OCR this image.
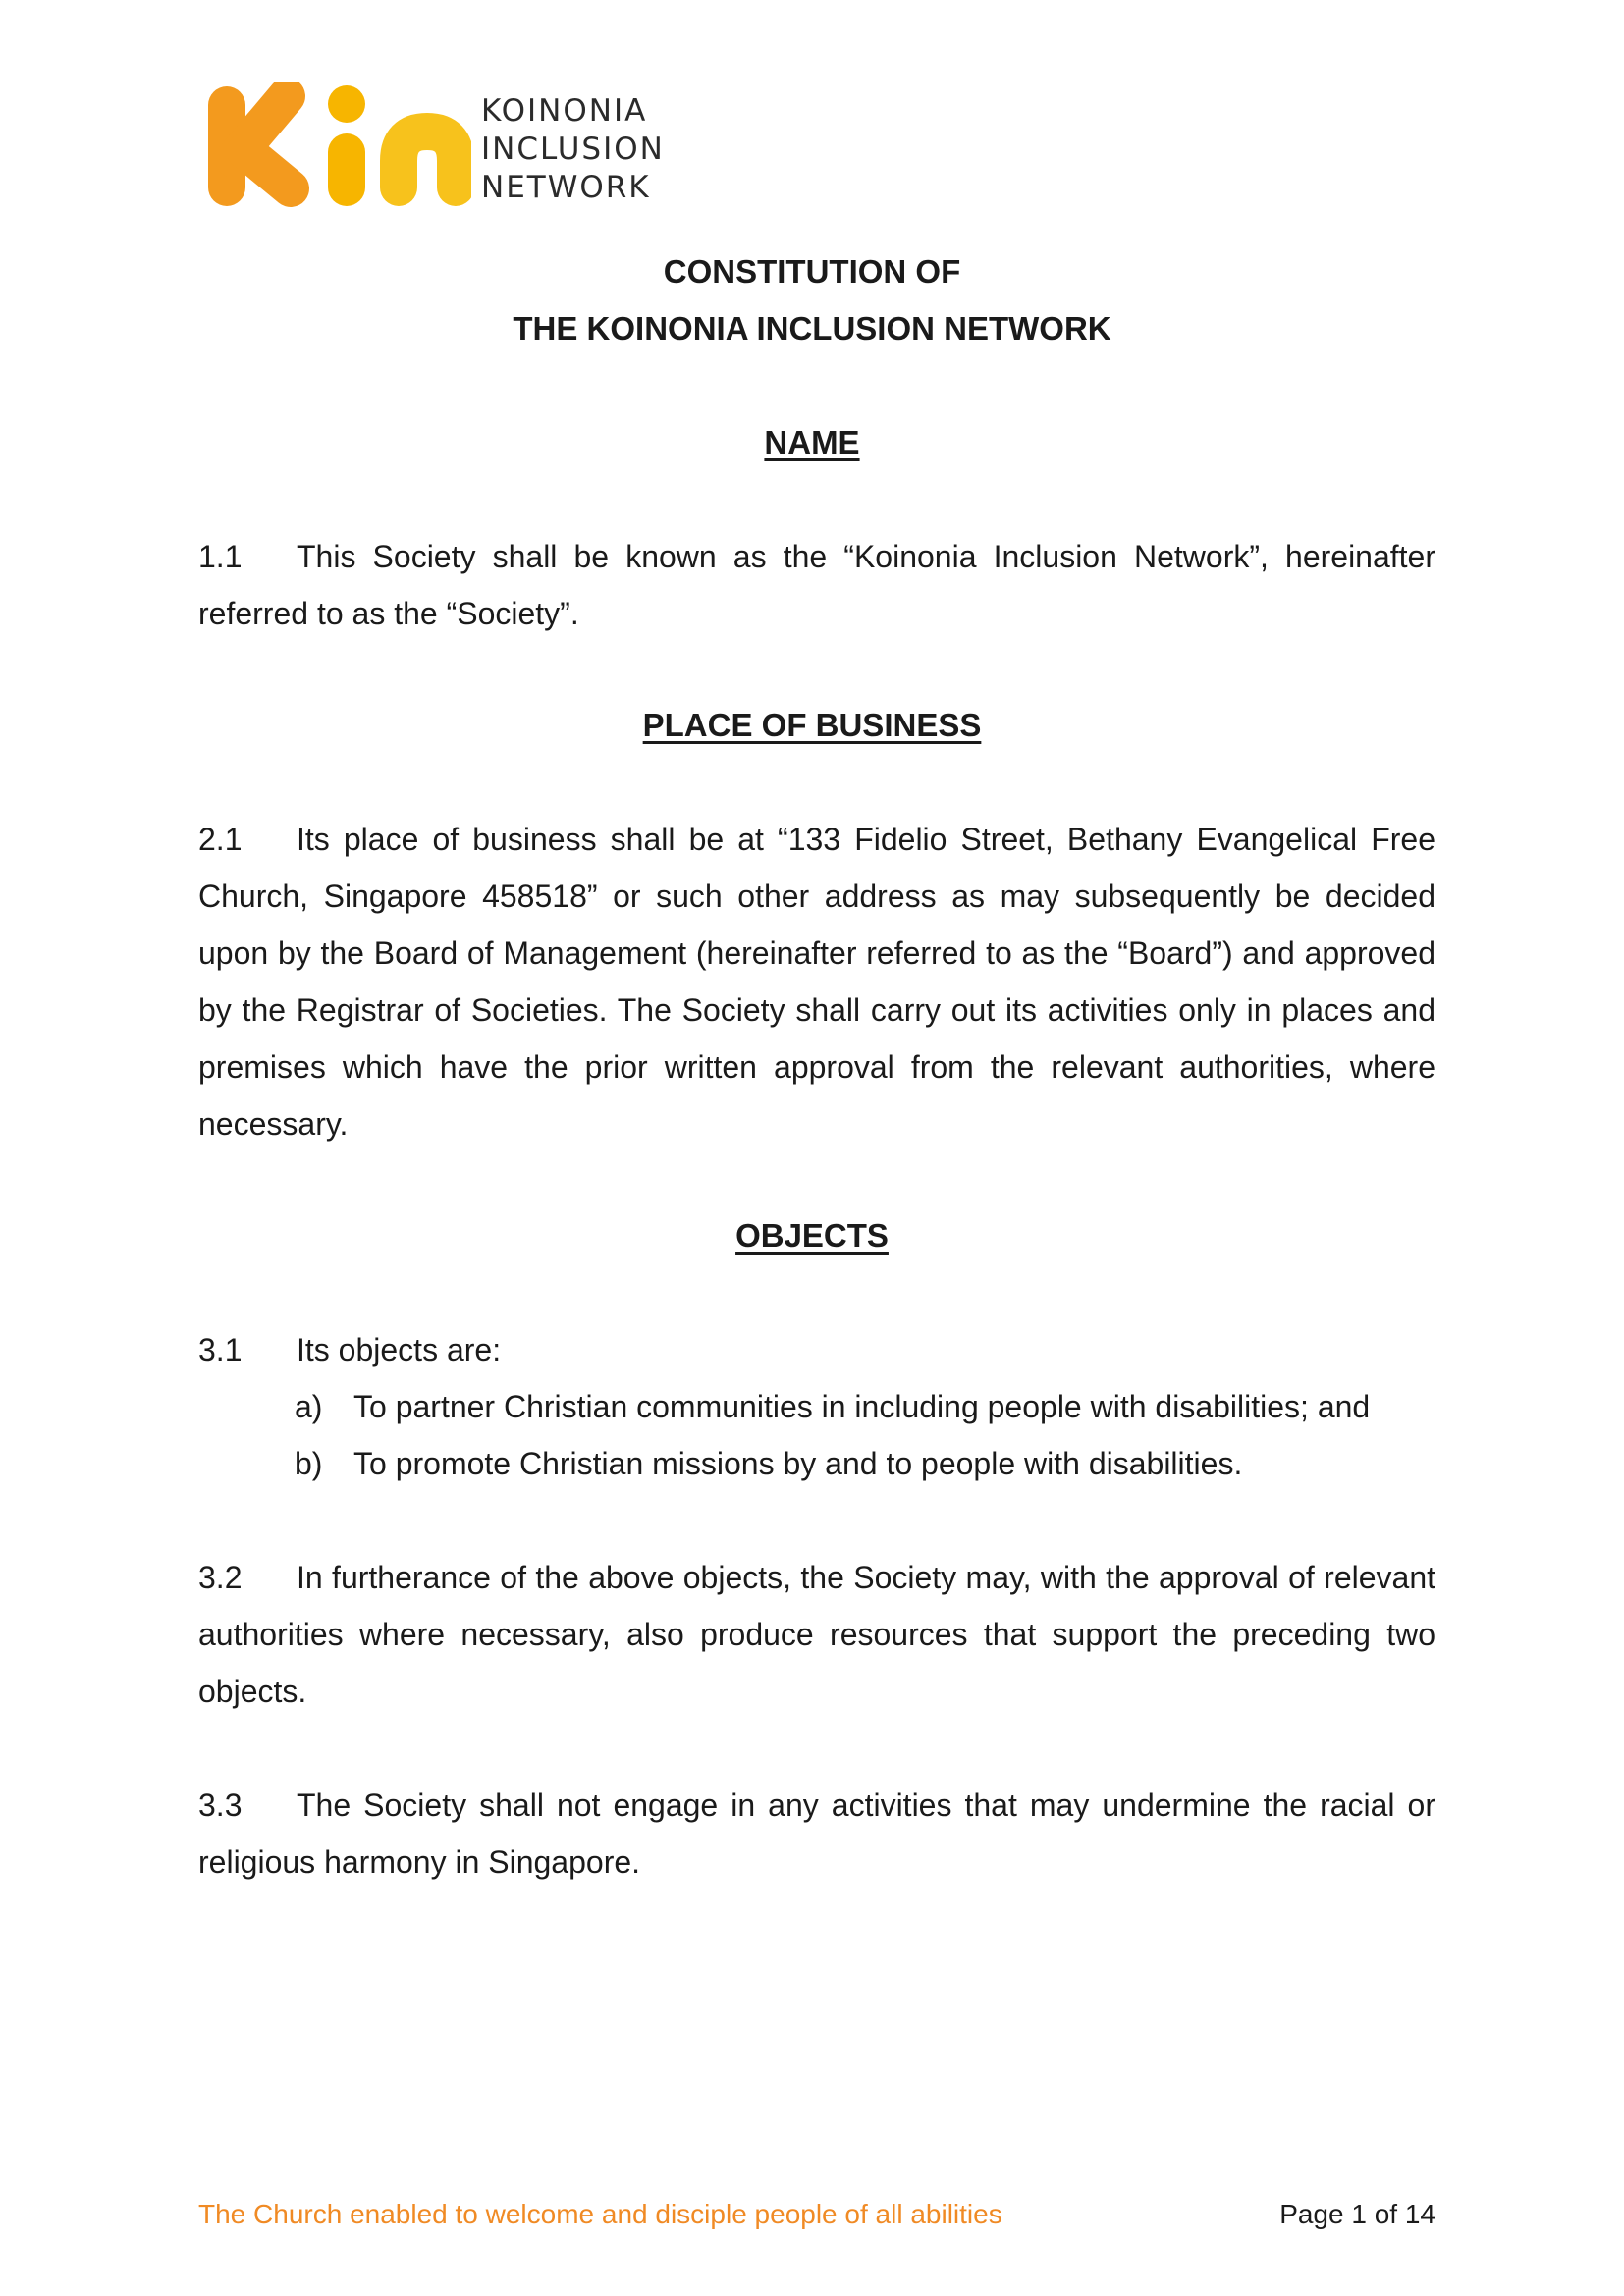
KOINONIA
INCLUSION
NETWORK
CONSTITUTION OF
THE KOINONIA INCLUSION NETWORK
NAME
1.1 This Society shall be known as the “Koinonia Inclusion Network”, hereinafter referred to as the “Society”.
PLACE OF BUSINESS
2.1 Its place of business shall be at “133 Fidelio Street, Bethany Evangelical Free Church, Singapore 458518” or such other address as may subsequently be decided upon by the Board of Management (hereinafter referred to as the “Board”) and approved by the Registrar of Societies. The Society shall carry out its activities only in places and premises which have the prior written approval from the relevant authorities, where necessary.
OBJECTS
3.1 Its objects are:
a) To partner Christian communities in including people with disabilities; and
b) To promote Christian missions by and to people with disabilities.
3.2 In furtherance of the above objects, the Society may, with the approval of relevant authorities where necessary, also produce resources that support the preceding two objects.
3.3 The Society shall not engage in any activities that may undermine the racial or religious harmony in Singapore.
The Church enabled to welcome and disciple people of all abilities	Page 1 of 14
